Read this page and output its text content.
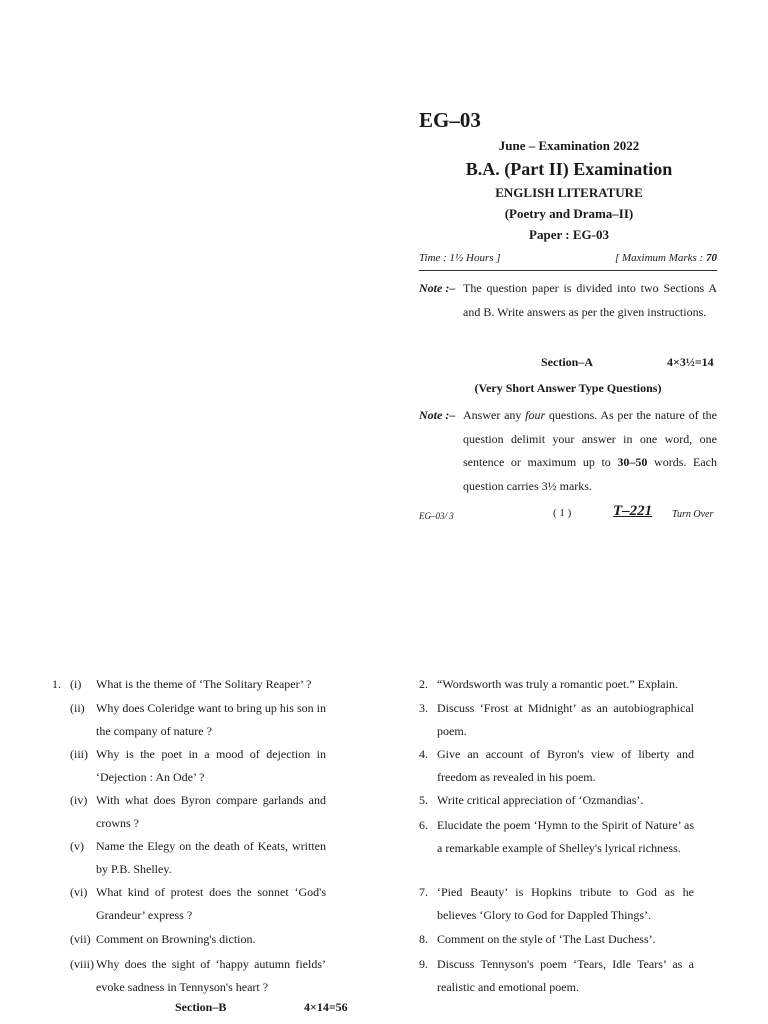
EG–03
June – Examination 2022
B.A. (Part II) Examination
ENGLISH LITERATURE
(Poetry and Drama–II)
Paper : EG-03
Time : 1½ Hours ]	[ Maximum Marks : 70
Note :– The question paper is divided into two Sections A and B. Write answers as per the given instructions.
Section–A	4×3½=14
(Very Short Answer Type Questions)
Note :– Answer any four questions. As per the nature of the question delimit your answer in one word, one sentence or maximum up to 30–50 words. Each question carries 3½ marks.
EG–03/ 3	( 1 )	T–221 Turn Over
1. (i) What is the theme of ‘The Solitary Reaper’ ?
(ii) Why does Coleridge want to bring up his son in the company of nature ?
(iii) Why is the poet in a mood of dejection in ‘Dejection : An Ode’ ?
(iv) With what does Byron compare garlands and crowns ?
(v) Name the Elegy on the death of Keats, written by P.B. Shelley.
(vi) What kind of protest does the sonnet ‘God's Grandeur’ express ?
(vii) Comment on Browning's diction.
(viii) Why does the sight of ‘happy autumn fields’ evoke sadness in Tennyson's heart ?
Section–B	4×14=56
2. “Wordsworth was truly a romantic poet.” Explain.
3. Discuss ‘Frost at Midnight’ as an autobiographical poem.
4. Give an account of Byron's view of liberty and freedom as revealed in his poem.
5. Write critical appreciation of ‘Ozmandias’.
6. Elucidate the poem ‘Hymn to the Spirit of Nature’ as a remarkable example of Shelley's lyrical richness.
7. ‘Pied Beauty’ is Hopkins tribute to God as he believes ‘Glory to God for Dappled Things’.
8. Comment on the style of ‘The Last Duchess’.
9. Discuss Tennyson's poem ‘Tears, Idle Tears’ as a realistic and emotional poem.
